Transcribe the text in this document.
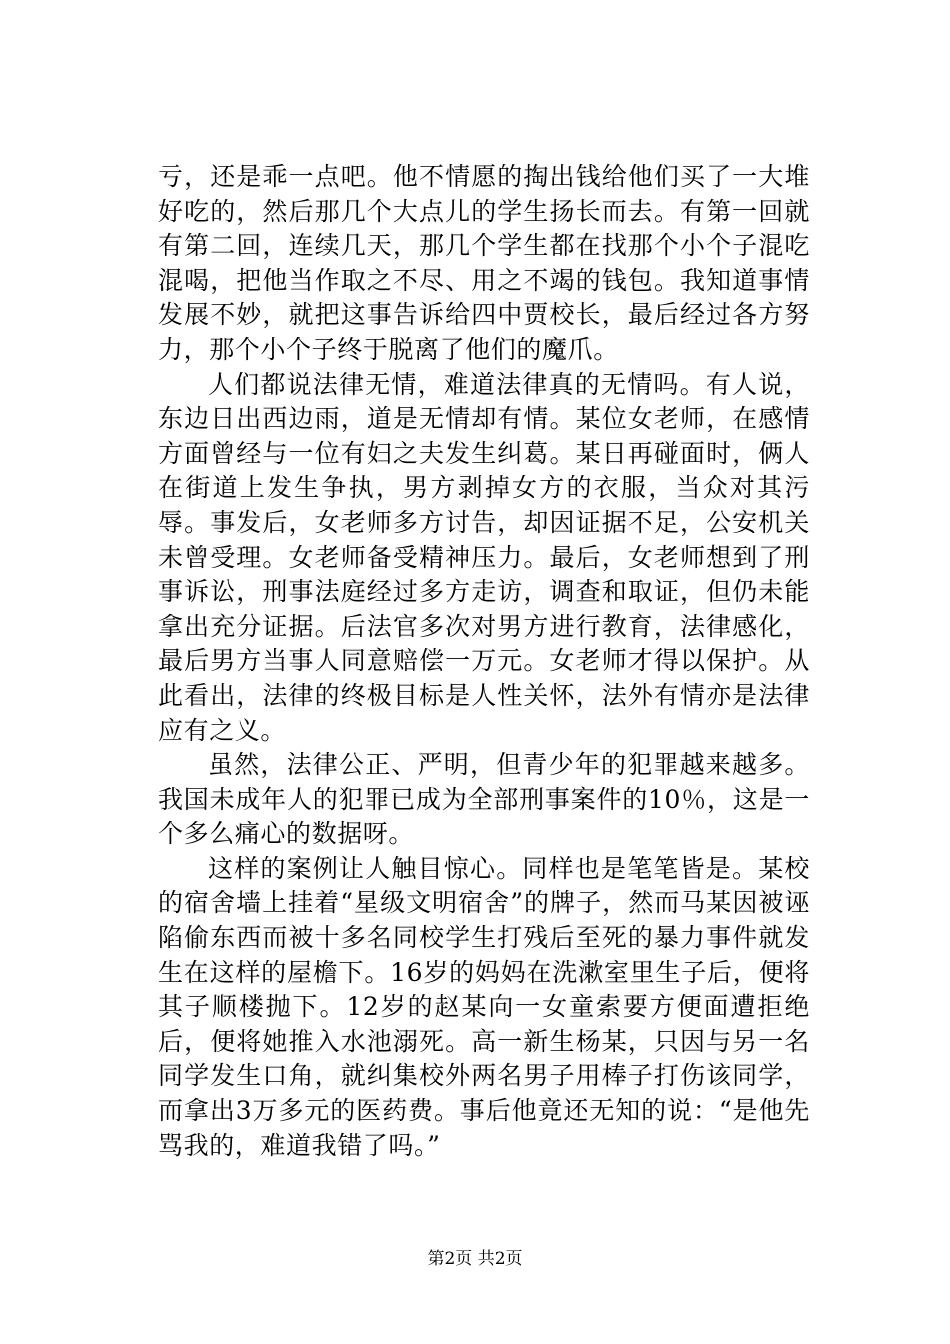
亏，还是乖一点吧。他不情愿的掏出钱给他们买了一大堆好吃的，然后那几个大点儿的学生扬长而去。有第一回就有第二回，连续几天，那几个学生都在找那个小个子混吃混喝，把他当作取之不尽、用之不竭的钱包。我知道事情发展不妙，就把这事告诉给四中贾校长，最后经过各方努力，那个小个子终于脱离了他们的魔爪。

人们都说法律无情，难道法律真的无情吗。有人说，东边日出西边雨，道是无情却有情。某位女老师，在感情方面曾经与一位有妇之夫发生纠葛。某日再碰面时，俩人在街道上发生争执，男方剥掉女方的衣服，当众对其污辱。事发后，女老师多方讨告，却因证据不足，公安机关未曾受理。女老师备受精神压力。最后，女老师想到了刑事诉讼，刑事法庭经过多方走访，调查和取证，但仍未能拿出充分证据。后法官多次对男方进行教育，法律感化，最后男方当事人同意赔偿一万元。女老师才得以保护。从此看出，法律的终极目标是人性关怀，法外有情亦是法律应有之义。

虽然，法律公正、严明，但青少年的犯罪越来越多。我国未成年人的犯罪已成为全部刑事案件的10％，这是一个多么痛心的数据呀。

这样的案例让人触目惊心。同样也是笔笔皆是。某校的宿舍墙上挂着“星级文明宿舍”的牌子，然而马某因被诬陷偷东西而被十多名同校学生打残后至死的暴力事件就发生在这样的屋檐下。16岁的妈妈在洗漱室里生子后，便将其子顺楼抛下。12岁的赵某向一女童索要方便面遭拒绝后，便将她推入水池溺死。高一新生杨某，只因与另一名同学发生口角，就纠集校外两名男子用棒子打伤该同学，而拿出3万多元的医药费。事后他竟还无知的说：“是他先骂我的，难道我错了吗。”

第2页 共2页
